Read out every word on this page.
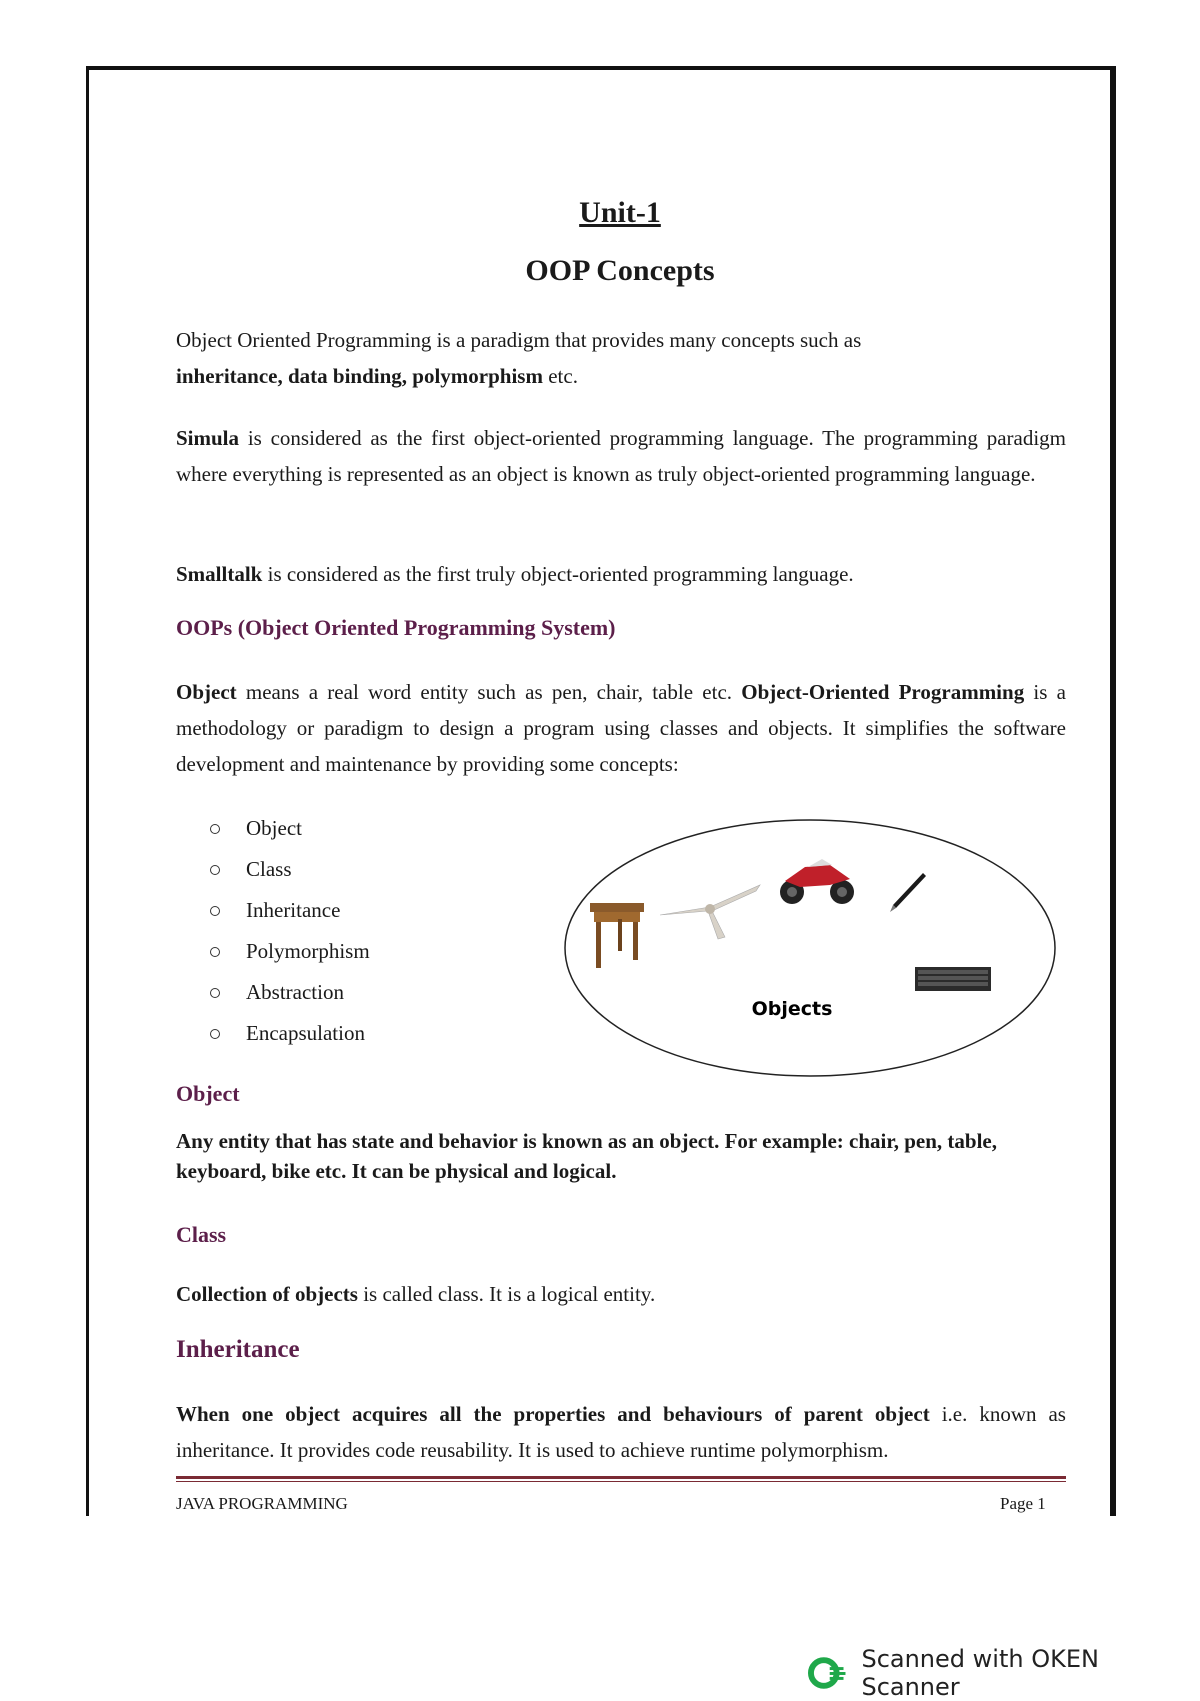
Unit-1
OOP Concepts
Object Oriented Programming is a paradigm that provides many concepts such as
inheritance, data binding, polymorphism etc.
Simula is considered as the first object-oriented programming language. The programming paradigm where everything is represented as an object is known as truly object-oriented programming language.
Smalltalk is considered as the first truly object-oriented programming language.
OOPs (Object Oriented Programming System)
Object means a real word entity such as pen, chair, table etc. Object-Oriented Programming is a methodology or paradigm to design a program using classes and objects. It simplifies the software development and maintenance by providing some concepts:
Object
Class
Inheritance
Polymorphism
Abstraction
Encapsulation
Objects
Object
Any entity that has state and behavior is known as an object. For example: chair, pen, table, keyboard, bike etc. It can be physical and logical.
Class
Collection of objects is called class. It is a logical entity.
Inheritance
When one object acquires all the properties and behaviours of parent object i.e. known as inheritance. It provides code reusability. It is used to achieve runtime polymorphism.
JAVA PROGRAMMING	Page 1
Scanned with OKEN Scanner
